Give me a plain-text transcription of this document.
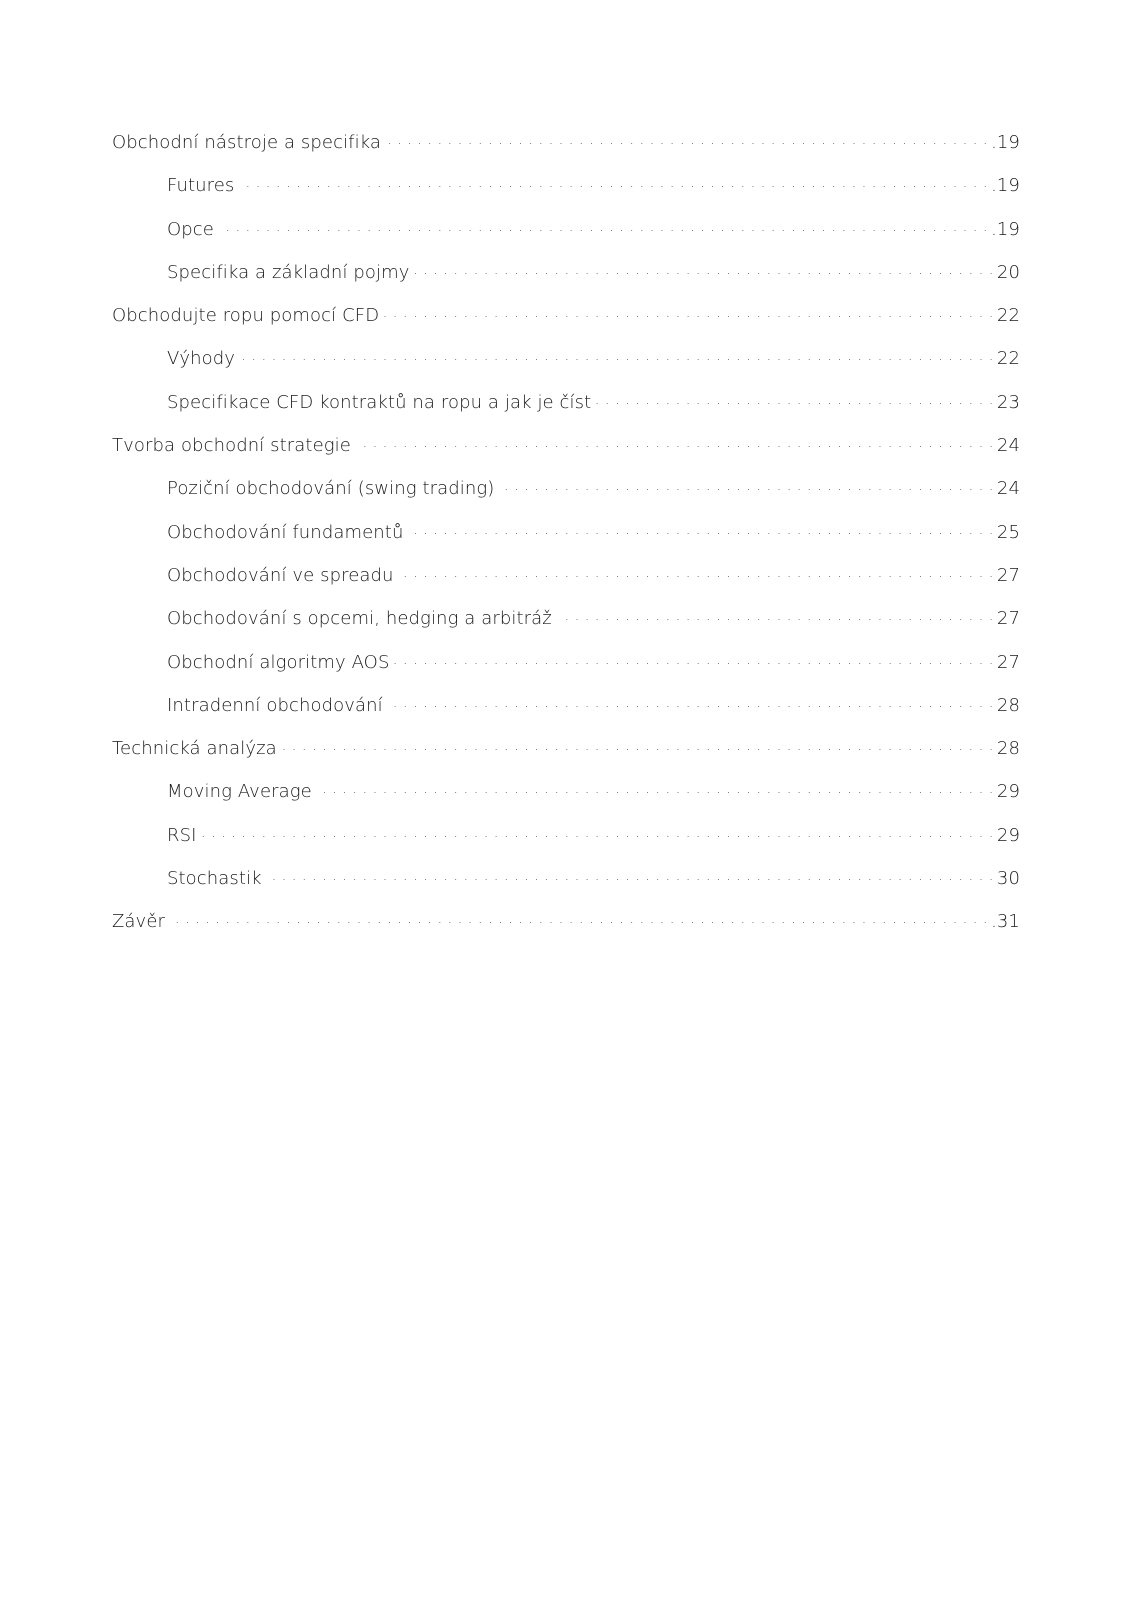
Obchodní nástroje a specifika . . .	.19
Futures . . .	.19
Opce . . .	.19
Specifika a základní pojmy . . .	20
Obchodujte ropu pomocí CFD . . .	22
Výhody . . .	22
Specifikace CFD kontraktů na ropu a jak je číst . . .	23
Tvorba obchodní strategie . . .	24
Poziční obchodování (swing trading) . . .	24
Obchodování fundamentů . . .	25
Obchodování ve spreadu . . .	27
Obchodování s opcemi, hedging a arbitráž . . .	27
Obchodní algoritmy AOS . . .	27
Intradenní obchodování . . .	28
Technická analýza . . .	28
Moving Average . . .	29
RSI . . .	29
Stochastik . . .	30
Závěr . . .	.31
